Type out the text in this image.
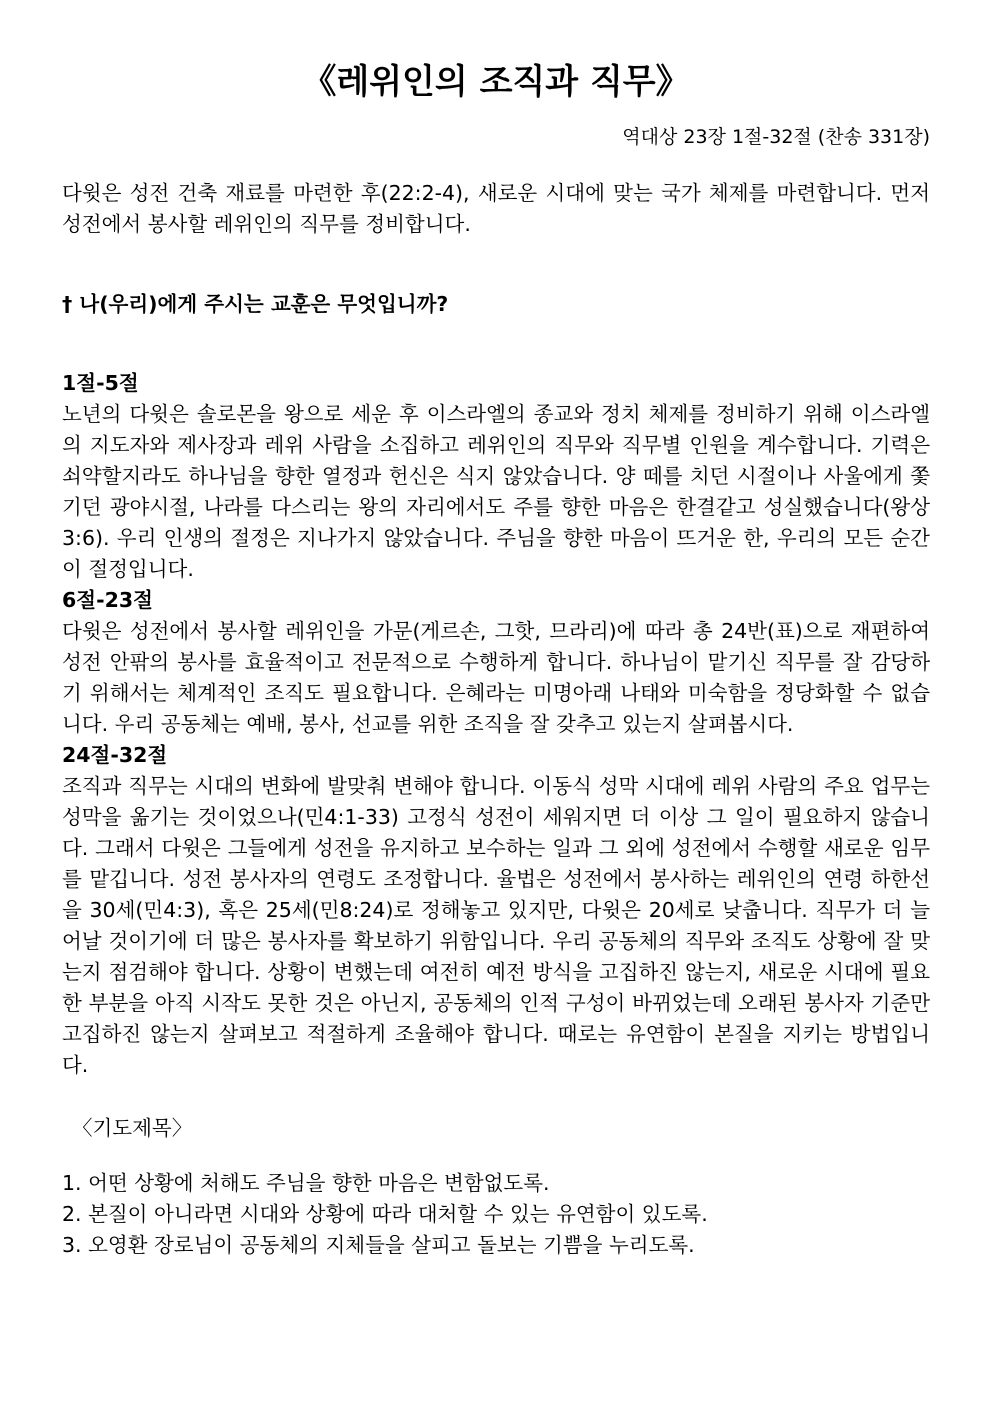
《레위인의 조직과 직무》
역대상 23장 1절-32절 (찬송 331장)

다윗은 성전 건축 재료를 마련한 후(22:2-4), 새로운 시대에 맞는 국가 체제를 마련합니다. 먼저 성전에서 봉사할 레위인의 직무를 정비합니다.

† 나(우리)에게 주시는 교훈은 무엇입니까?
1절-5절

노년의 다윗은 솔로몬을 왕으로 세운 후 이스라엘의 종교와 정치 체제를 정비하기 위해 이스라엘의 지도자와 제사장과 레위 사람을 소집하고 레위인의 직무와 직무별 인원을 계수합니다. 기력은 쇠약할지라도 하나님을 향한 열정과 헌신은 식지 않았습니다. 양 떼를 치던 시절이나 사울에게 쫓기던 광야시절, 나라를 다스리는 왕의 자리에서도 주를 향한 마음은 한결같고 성실했습니다(왕상3:6). 우리 인생의 절정은 지나가지 않았습니다. 주님을 향한 마음이 뜨거운 한, 우리의 모든 순간이 절정입니다.

6절-23절

다윗은 성전에서 봉사할 레위인을 가문(게르손, 그핫, 므라리)에 따라 총 24반(표)으로 재편하여 성전 안팎의 봉사를 효율적이고 전문적으로 수행하게 합니다. 하나님이 맡기신 직무를 잘 감당하기 위해서는 체계적인 조직도 필요합니다. 은혜라는 미명아래 나태와 미숙함을 정당화할 수 없습니다. 우리 공동체는 예배, 봉사, 선교를 위한 조직을 잘 갖추고 있는지 살펴봅시다.

24절-32절

조직과 직무는 시대의 변화에 발맞춰 변해야 합니다. 이동식 성막 시대에 레위 사람의 주요 업무는 성막을 옮기는 것이었으나(민4:1-33) 고정식 성전이 세워지면 더 이상 그 일이 필요하지 않습니다. 그래서 다윗은 그들에게 성전을 유지하고 보수하는 일과 그 외에 성전에서 수행할 새로운 임무를 맡깁니다. 성전 봉사자의 연령도 조정합니다. 율법은 성전에서 봉사하는 레위인의 연령 하한선을 30세(민4:3), 혹은 25세(민8:24)로 정해놓고 있지만, 다윗은 20세로 낮춥니다. 직무가 더 늘어날 것이기에 더 많은 봉사자를 확보하기 위함입니다. 우리 공동체의 직무와 조직도 상황에 잘 맞는지 점검해야 합니다. 상황이 변했는데 여전히 예전 방식을 고집하진 않는지, 새로운 시대에 필요한 부분을 아직 시작도 못한 것은 아닌지, 공동체의 인적 구성이 바뀌었는데 오래된 봉사자 기준만 고집하진 않는지 살펴보고 적절하게 조율해야 합니다. 때로는 유연함이 본질을 지키는 방법입니다.

〈기도제목〉
1. 어떤 상황에 처해도 주님을 향한 마음은 변함없도록.
2. 본질이 아니라면 시대와 상황에 따라 대처할 수 있는 유연함이 있도록.
3. 오영환 장로님이 공동체의 지체들을 살피고 돌보는 기쁨을 누리도록.
